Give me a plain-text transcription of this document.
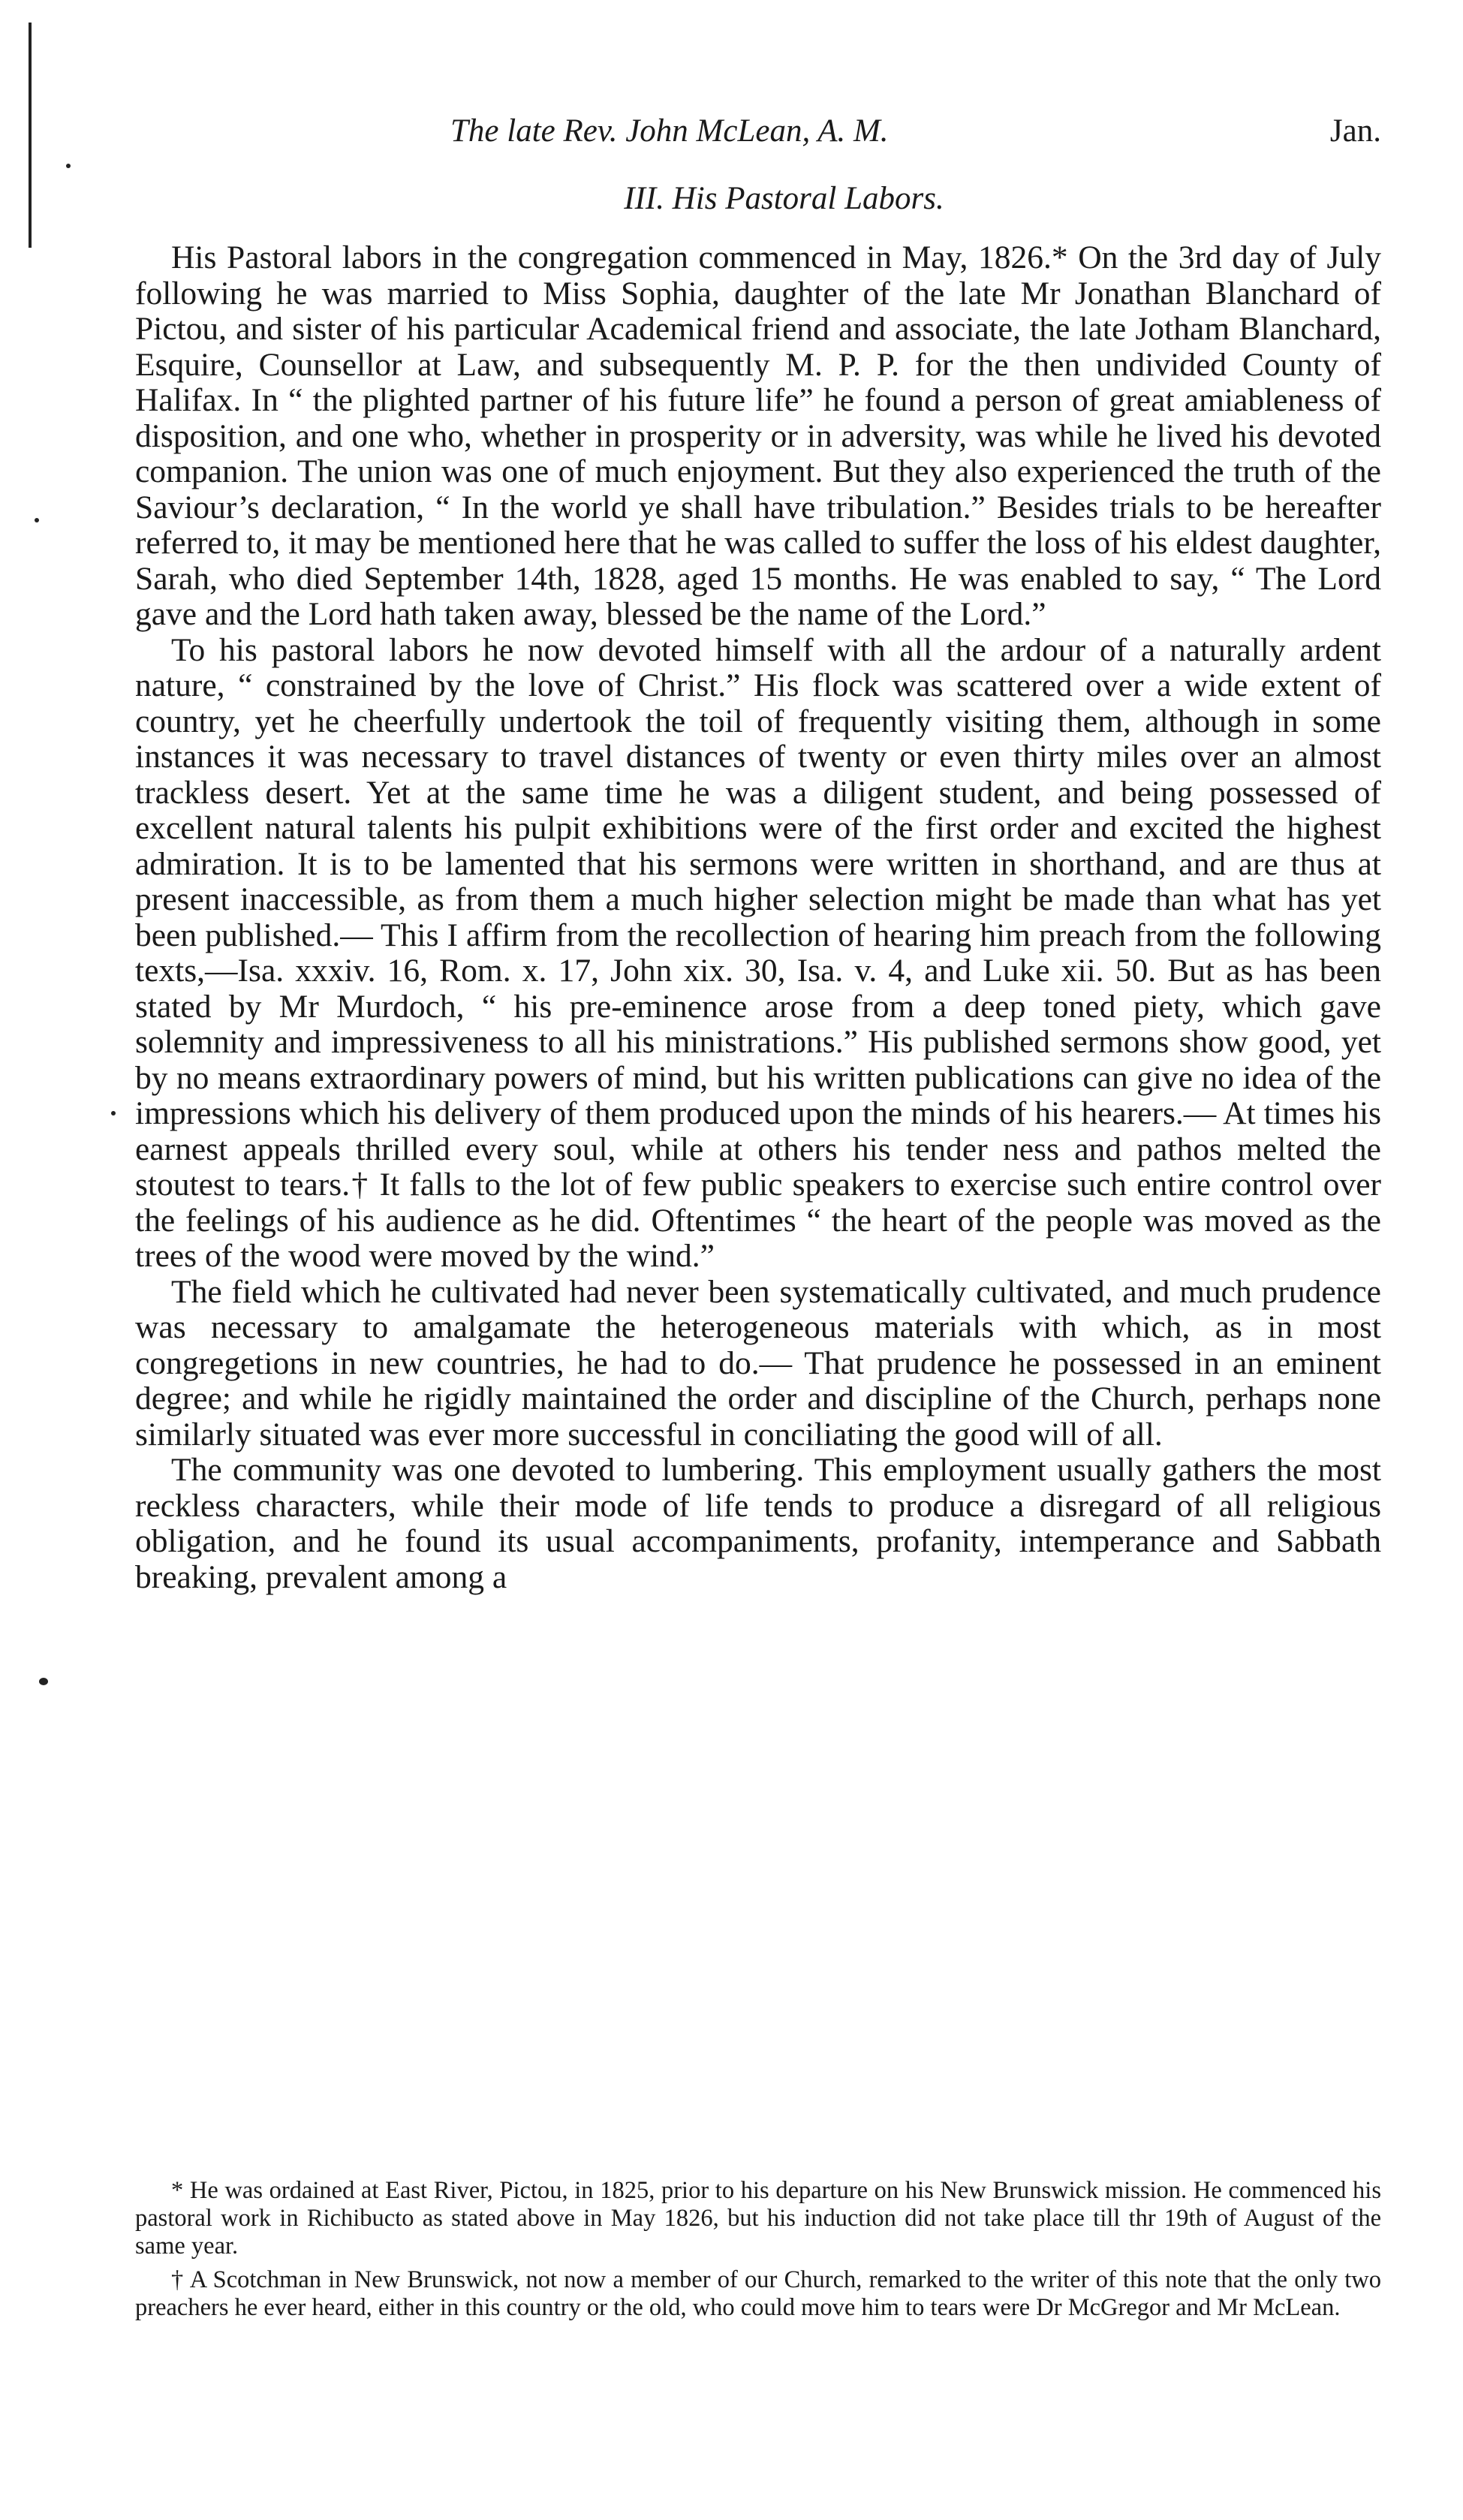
The late Rev. John McLean, A. M.	Jan.
III. His Pastoral Labors.

His Pastoral labors in the congregation commenced in May, 1826.* On the 3rd day of July following he was married to Miss Sophia, daughter of the late Mr Jonathan Blanchard of Pictou, and sister of his particular Academical friend and associate, the late Jotham Blanchard, Esquire, Counsellor at Law, and subsequently M. P. P. for the then undivided County of Halifax. In “ the plighted partner of his future life” he found a person of great amiableness of disposition, and one who, whether in prosperity or in adversity, was while he lived his devoted companion. The union was one of much enjoyment. But they also experienced the truth of the Saviour’s declaration, “ In the world ye shall have tribulation.” Besides trials to be hereafter referred to, it may be mentioned here that he was called to suffer the loss of his eldest daughter, Sarah, who died September 14th, 1828, aged 15 months. He was enabled to say, “ The Lord gave and the Lord hath taken away, blessed be the name of the Lord.”

To his pastoral labors he now devoted himself with all the ardour of a naturally ardent nature, “ constrained by the love of Christ.” His flock was scattered over a wide extent of country, yet he cheerfully undertook the toil of frequently visiting them, although in some instances it was necessary to travel distances of twenty or even thirty miles over an almost trackless desert. Yet at the same time he was a diligent student, and being possessed of excellent natural talents his pulpit exhibitions were of the first order and excited the highest admiration. It is to be lamented that his sermons were written in shorthand, and are thus at present inaccessible, as from them a much higher selection might be made than what has yet been published.— This I affirm from the recollection of hearing him preach from the following texts,—Isa. xxxiv. 16, Rom. x. 17, John xix. 30, Isa. v. 4, and Luke xii. 50. But as has been stated by Mr Murdoch, “ his pre-eminence arose from a deep toned piety, which gave solemnity and impressiveness to all his ministrations.” His published sermons show good, yet by no means extraordinary powers of mind, but his written publications can give no idea of the impressions which his delivery of them produced upon the minds of his hearers.— At times his earnest appeals thrilled every soul, while at others his tender ness and pathos melted the stoutest to tears.† It falls to the lot of few public speakers to exercise such entire control over the feelings of his audience as he did. Oftentimes “ the heart of the people was moved as the trees of the wood were moved by the wind.”

The field which he cultivated had never been systematically cultivated, and much prudence was necessary to amalgamate the heterogeneous materials with which, as in most congregetions in new countries, he had to do.— That prudence he possessed in an eminent degree; and while he rigidly maintained the order and discipline of the Church, perhaps none similarly situated was ever more successful in conciliating the good will of all.

The community was one devoted to lumbering. This employment usually gathers the most reckless characters, while their mode of life tends to produce a disregard of all religious obligation, and he found its usual accompaniments, profanity, intemperance and Sabbath breaking, prevalent among a

* He was ordained at East River, Pictou, in 1825, prior to his departure on his New Brunswick mission. He commenced his pastoral work in Richibucto as stated above in May 1826, but his induction did not take place till thr 19th of August of the same year.

† A Scotchman in New Brunswick, not now a member of our Church, remarked to the writer of this note that the only two preachers he ever heard, either in this country or the old, who could move him to tears were Dr McGregor and Mr McLean.
